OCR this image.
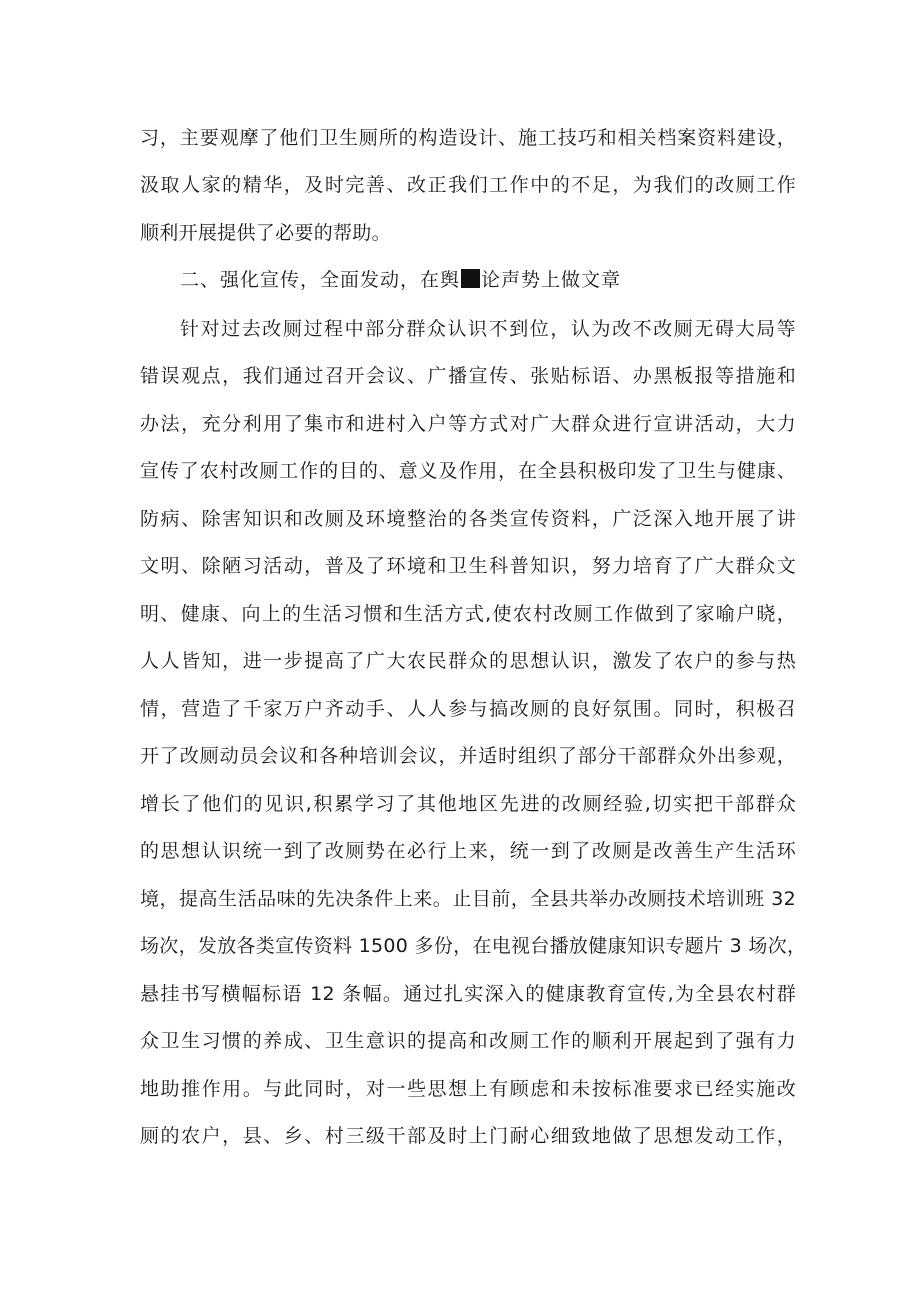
习，主要观摩了他们卫生厕所的构造设计、施工技巧和相关档案资料建设，
汲取人家的精华，及时完善、改正我们工作中的不足，为我们的改厕工作
顺利开展提供了必要的帮助。
二、强化宣传，全面发动，在舆 论声势上做文章
针对过去改厕过程中部分群众认识不到位，认为改不改厕无碍大局等
错误观点，我们通过召开会议、广播宣传、张贴标语、办黑板报等措施和
办法，充分利用了集市和进村入户等方式对广大群众进行宣讲活动，大力
宣传了农村改厕工作的目的、意义及作用，在全县积极印发了卫生与健康、
防病、除害知识和改厕及环境整治的各类宣传资料，广泛深入地开展了讲
文明、除陋习活动，普及了环境和卫生科普知识，努力培育了广大群众文
明、健康、向上的生活习惯和生活方式,使农村改厕工作做到了家喻户晓，
人人皆知，进一步提高了广大农民群众的思想认识，激发了农户的参与热
情，营造了千家万户齐动手、人人参与搞改厕的良好氛围。同时，积极召
开了改厕动员会议和各种培训会议，并适时组织了部分干部群众外出参观，
增长了他们的见识,积累学习了其他地区先进的改厕经验,切实把干部群众
的思想认识统一到了改厕势在必行上来，统一到了改厕是改善生产生活环
境，提高生活品味的先决条件上来。止目前，全县共举办改厕技术培训班 32
场次，发放各类宣传资料 1500 多份，在电视台播放健康知识专题片 3 场次，
悬挂书写横幅标语 12 条幅。通过扎实深入的健康教育宣传,为全县农村群
众卫生习惯的养成、卫生意识的提高和改厕工作的顺利开展起到了强有力
地助推作用。与此同时，对一些思想上有顾虑和未按标准要求已经实施改
厕的农户，县、乡、村三级干部及时上门耐心细致地做了思想发动工作，
